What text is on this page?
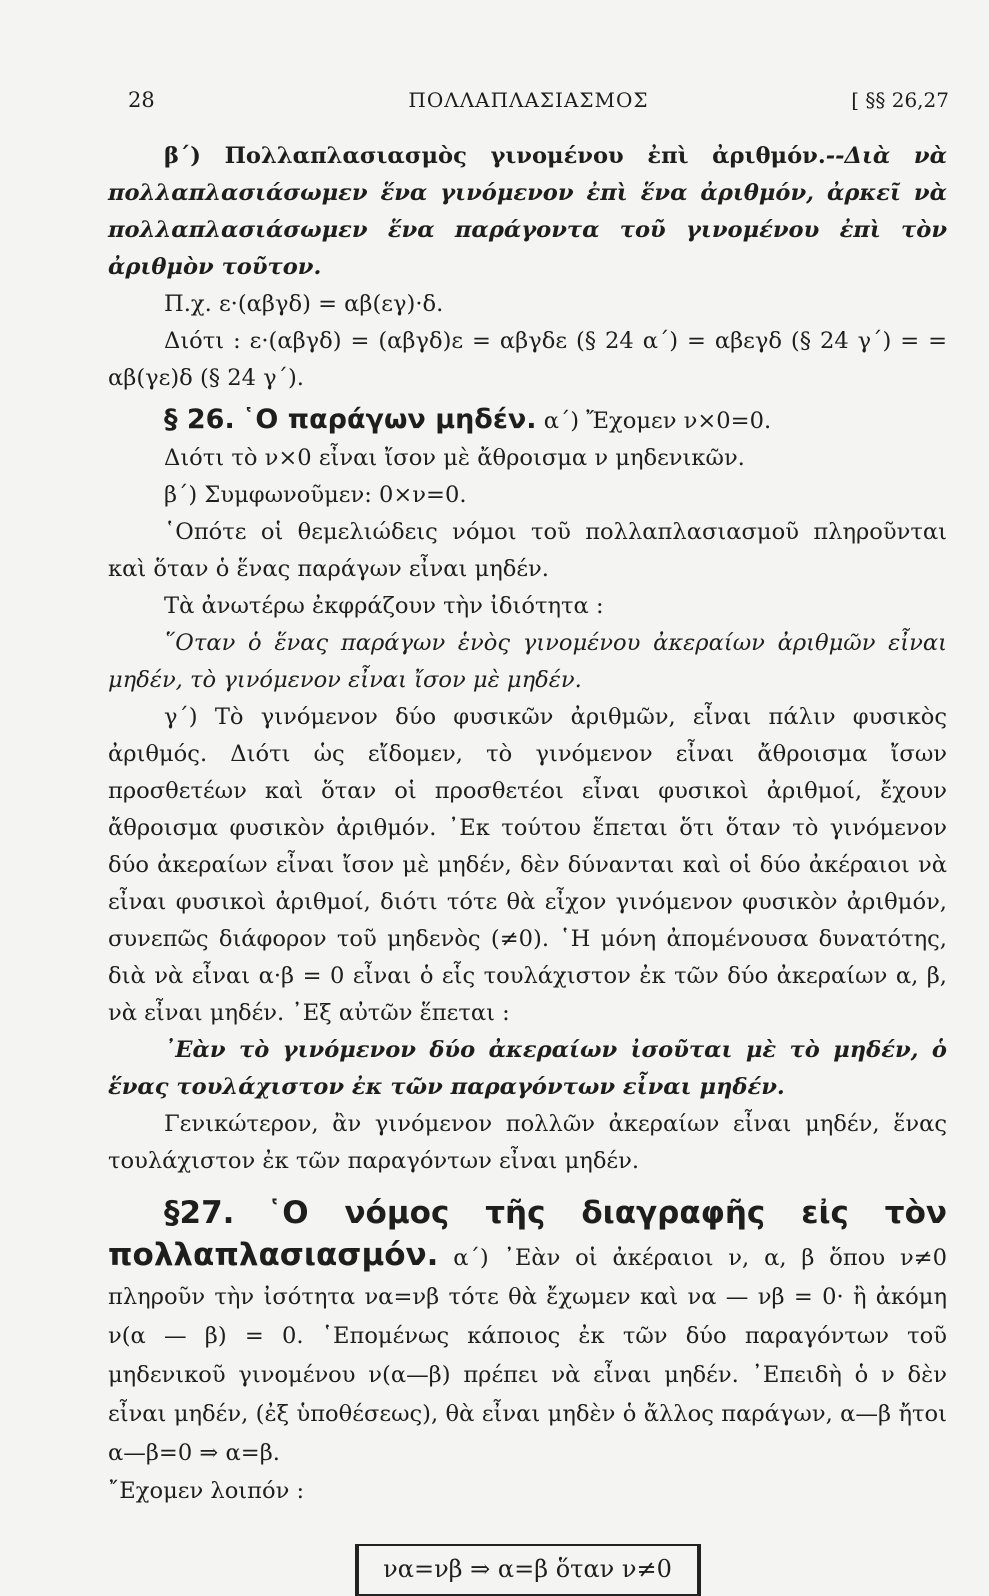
28	ΠΟΛΛΑΠΛΑΣΙΑΣΜΟΣ	[ §§ 26,27

β΄) Πολλαπλασιασμὸς γινομένου ἐπὶ ἀριθμόν.--Διὰ νὰ πολλαπλασιάσωμεν ἕνα γινόμενον ἐπὶ ἕνα ἀριθμόν, ἀρκεῖ νὰ πολλαπλασιάσωμεν ἕνα παράγοντα τοῦ γινομένου ἐπὶ τὸν ἀριθμὸν τοῦτον.

Π.χ. ε·(αβγδ) = αβ(εγ)·δ.

Διότι : ε·(αβγδ) = (αβγδ)ε = αβγδε (§ 24 α΄) = αβεγδ (§ 24 γ΄) = = αβ(γε)δ (§ 24 γ΄).

§ 26. ῾Ο παράγων μηδέν. α΄) Ἔχομεν ν×0=0.

Διότι τὸ ν×0 εἶναι ἴσον μὲ ἄθροισμα ν μηδενικῶν.

β΄) Συμφωνοῦμεν: 0×ν=0.

῾Οπότε οἱ θεμελιώδεις νόμοι τοῦ πολλαπλασιασμοῦ πληροῦνται καὶ ὅταν ὁ ἕνας παράγων εἶναι μηδέν.

Τὰ ἀνωτέρω ἐκφράζουν τὴν ἰδιότητα :

῞Οταν ὁ ἕνας παράγων ἑνὸς γινομένου ἀκεραίων ἀριθμῶν εἶναι μηδέν, τὸ γινόμενον εἶναι ἴσον μὲ μηδέν.

γ΄) Τὸ γινόμενον δύο φυσικῶν ἀριθμῶν, εἶναι πάλιν φυσικὸς ἀριθμός. Διότι ὡς εἴδομεν, τὸ γινόμενον εἶναι ἄθροισμα ἴσων προσθετέων καὶ ὅταν οἱ προσθετέοι εἶναι φυσικοὶ ἀριθμοί, ἔχουν ἄθροισμα φυσικὸν ἀριθμόν. ᾿Εκ τούτου ἕπεται ὅτι ὅταν τὸ γινόμενον δύο ἀκεραίων εἶναι ἴσον μὲ μηδέν, δὲν δύνανται καὶ οἱ δύο ἀκέραιοι νὰ εἶναι φυσικοὶ ἀριθμοί, διότι τότε θὰ εἶχον γινόμενον φυσικὸν ἀριθμόν, συνεπῶς διάφορον τοῦ μηδενὸς (≠0). ῾Η μόνη ἀπομένουσα δυνατότης, διὰ νὰ εἶναι α·β = 0 εἶναι ὁ εἷς τουλάχιστον ἐκ τῶν δύο ἀκεραίων α, β, νὰ εἶναι μηδέν. ᾿Εξ αὐτῶν ἕπεται :

᾿Εὰν τὸ γινόμενον δύο ἀκεραίων ἰσοῦται μὲ τὸ μηδέν, ὁ ἕνας τουλάχιστον ἐκ τῶν παραγόντων εἶναι μηδέν.

Γενικώτερον, ἂν γινόμενον πολλῶν ἀκεραίων εἶναι μηδέν, ἕνας τουλάχιστον ἐκ τῶν παραγόντων εἶναι μηδέν.

§27. ῾Ο νόμος τῆς διαγραφῆς εἰς τὸν πολλαπλασιασμόν. α΄) ᾿Εὰν οἱ ἀκέραιοι ν, α, β ὅπου ν≠0 πληροῦν τὴν ἰσότητα να=νβ τότε θὰ ἔχωμεν καὶ να — νβ = 0· ἢ ἀκόμη ν(α — β) = 0. ῾Επομένως κάποιος ἐκ τῶν δύο παραγόντων τοῦ μηδενικοῦ γινομένου ν(α—β) πρέπει νὰ εἶναι μηδέν. ᾿Επειδὴ ὁ ν δὲν εἶναι μηδέν, (ἐξ ὑποθέσεως), θὰ εἶναι μηδὲν ὁ ἄλλος παράγων, α—β ἤτοι α—β=0 ⇒ α=β.

῎Εχομεν λοιπόν :

να=νβ ⇒ α=β ὅταν ν≠0
